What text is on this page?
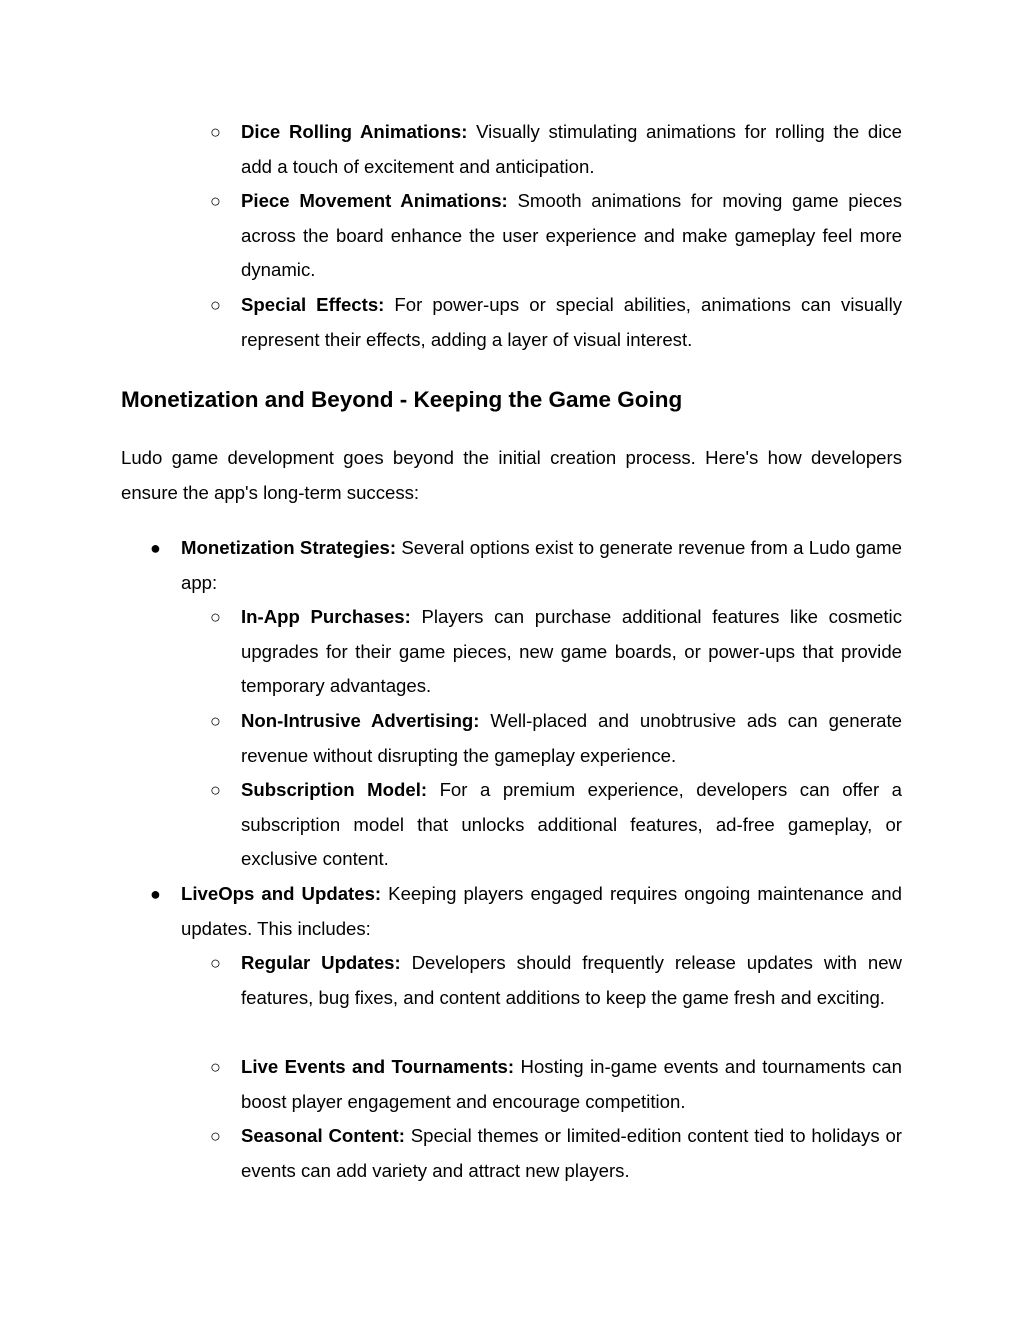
○ Dice Rolling Animations: Visually stimulating animations for rolling the dice add a touch of excitement and anticipation.
○ Piece Movement Animations: Smooth animations for moving game pieces across the board enhance the user experience and make gameplay feel more dynamic.
○ Special Effects: For power-ups or special abilities, animations can visually represent their effects, adding a layer of visual interest.
Monetization and Beyond - Keeping the Game Going
Ludo game development goes beyond the initial creation process. Here's how developers ensure the app's long-term success:
● Monetization Strategies: Several options exist to generate revenue from a Ludo game app:
○ In-App Purchases: Players can purchase additional features like cosmetic upgrades for their game pieces, new game boards, or power-ups that provide temporary advantages.
○ Non-Intrusive Advertising: Well-placed and unobtrusive ads can generate revenue without disrupting the gameplay experience.
○ Subscription Model: For a premium experience, developers can offer a subscription model that unlocks additional features, ad-free gameplay, or exclusive content.
● LiveOps and Updates: Keeping players engaged requires ongoing maintenance and updates. This includes:
○ Regular Updates: Developers should frequently release updates with new features, bug fixes, and content additions to keep the game fresh and exciting.
○ Live Events and Tournaments: Hosting in-game events and tournaments can boost player engagement and encourage competition.
○ Seasonal Content: Special themes or limited-edition content tied to holidays or events can add variety and attract new players.
